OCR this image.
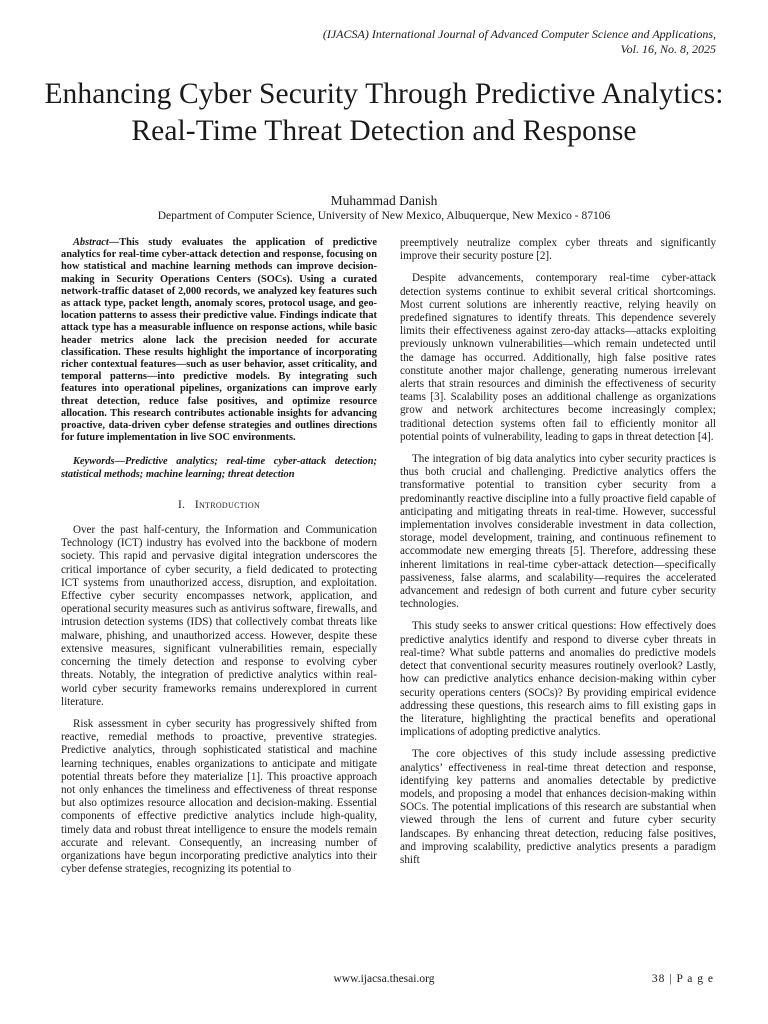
(IJACSA) International Journal of Advanced Computer Science and Applications,
Vol. 16, No. 8, 2025
Enhancing Cyber Security Through Predictive Analytics: Real-Time Threat Detection and Response
Muhammad Danish
Department of Computer Science, University of New Mexico, Albuquerque, New Mexico - 87106

Abstract—This study evaluates the application of predictive analytics for real-time cyber-attack detection and response, focusing on how statistical and machine learning methods can improve decision-making in Security Operations Centers (SOCs). Using a curated network-traffic dataset of 2,000 records, we analyzed key features such as attack type, packet length, anomaly scores, protocol usage, and geo-location patterns to assess their predictive value. Findings indicate that attack type has a measurable influence on response actions, while basic header metrics alone lack the precision needed for accurate classification. These results highlight the importance of incorporating richer contextual features—such as user behavior, asset criticality, and temporal patterns—into predictive models. By integrating such features into operational pipelines, organizations can improve early threat detection, reduce false positives, and optimize resource allocation. This research contributes actionable insights for advancing proactive, data-driven cyber defense strategies and outlines directions for future implementation in live SOC environments.

Keywords—Predictive analytics; real-time cyber-attack detection; statistical methods; machine learning; threat detection

I. Introduction

Over the past half-century, the Information and Communication Technology (ICT) industry has evolved into the backbone of modern society. This rapid and pervasive digital integration underscores the critical importance of cyber security, a field dedicated to protecting ICT systems from unauthorized access, disruption, and exploitation. Effective cyber security encompasses network, application, and operational security measures such as antivirus software, firewalls, and intrusion detection systems (IDS) that collectively combat threats like malware, phishing, and unauthorized access. However, despite these extensive measures, significant vulnerabilities remain, especially concerning the timely detection and response to evolving cyber threats. Notably, the integration of predictive analytics within real-world cyber security frameworks remains underexplored in current literature.

Risk assessment in cyber security has progressively shifted from reactive, remedial methods to proactive, preventive strategies. Predictive analytics, through sophisticated statistical and machine learning techniques, enables organizations to anticipate and mitigate potential threats before they materialize [1]. This proactive approach not only enhances the timeliness and effectiveness of threat response but also optimizes resource allocation and decision-making. Essential components of effective predictive analytics include high-quality, timely data and robust threat intelligence to ensure the models remain accurate and relevant. Consequently, an increasing number of organizations have begun incorporating predictive analytics into their cyber defense strategies, recognizing its potential to

preemptively neutralize complex cyber threats and significantly improve their security posture [2].

Despite advancements, contemporary real-time cyber-attack detection systems continue to exhibit several critical shortcomings. Most current solutions are inherently reactive, relying heavily on predefined signatures to identify threats. This dependence severely limits their effectiveness against zero-day attacks—attacks exploiting previously unknown vulnerabilities—which remain undetected until the damage has occurred. Additionally, high false positive rates constitute another major challenge, generating numerous irrelevant alerts that strain resources and diminish the effectiveness of security teams [3]. Scalability poses an additional challenge as organizations grow and network architectures become increasingly complex; traditional detection systems often fail to efficiently monitor all potential points of vulnerability, leading to gaps in threat detection [4].

The integration of big data analytics into cyber security practices is thus both crucial and challenging. Predictive analytics offers the transformative potential to transition cyber security from a predominantly reactive discipline into a fully proactive field capable of anticipating and mitigating threats in real-time. However, successful implementation involves considerable investment in data collection, storage, model development, training, and continuous refinement to accommodate new emerging threats [5]. Therefore, addressing these inherent limitations in real-time cyber-attack detection—specifically passiveness, false alarms, and scalability—requires the accelerated advancement and redesign of both current and future cyber security technologies.

This study seeks to answer critical questions: How effectively does predictive analytics identify and respond to diverse cyber threats in real-time? What subtle patterns and anomalies do predictive models detect that conventional security measures routinely overlook? Lastly, how can predictive analytics enhance decision-making within cyber security operations centers (SOCs)? By providing empirical evidence addressing these questions, this research aims to fill existing gaps in the literature, highlighting the practical benefits and operational implications of adopting predictive analytics.

The core objectives of this study include assessing predictive analytics’ effectiveness in real-time threat detection and response, identifying key patterns and anomalies detectable by predictive models, and proposing a model that enhances decision-making within SOCs. The potential implications of this research are substantial when viewed through the lens of current and future cyber security landscapes. By enhancing threat detection, reducing false positives, and improving scalability, predictive analytics presents a paradigm shift

www.ijacsa.thesai.org	38 | P a g e
